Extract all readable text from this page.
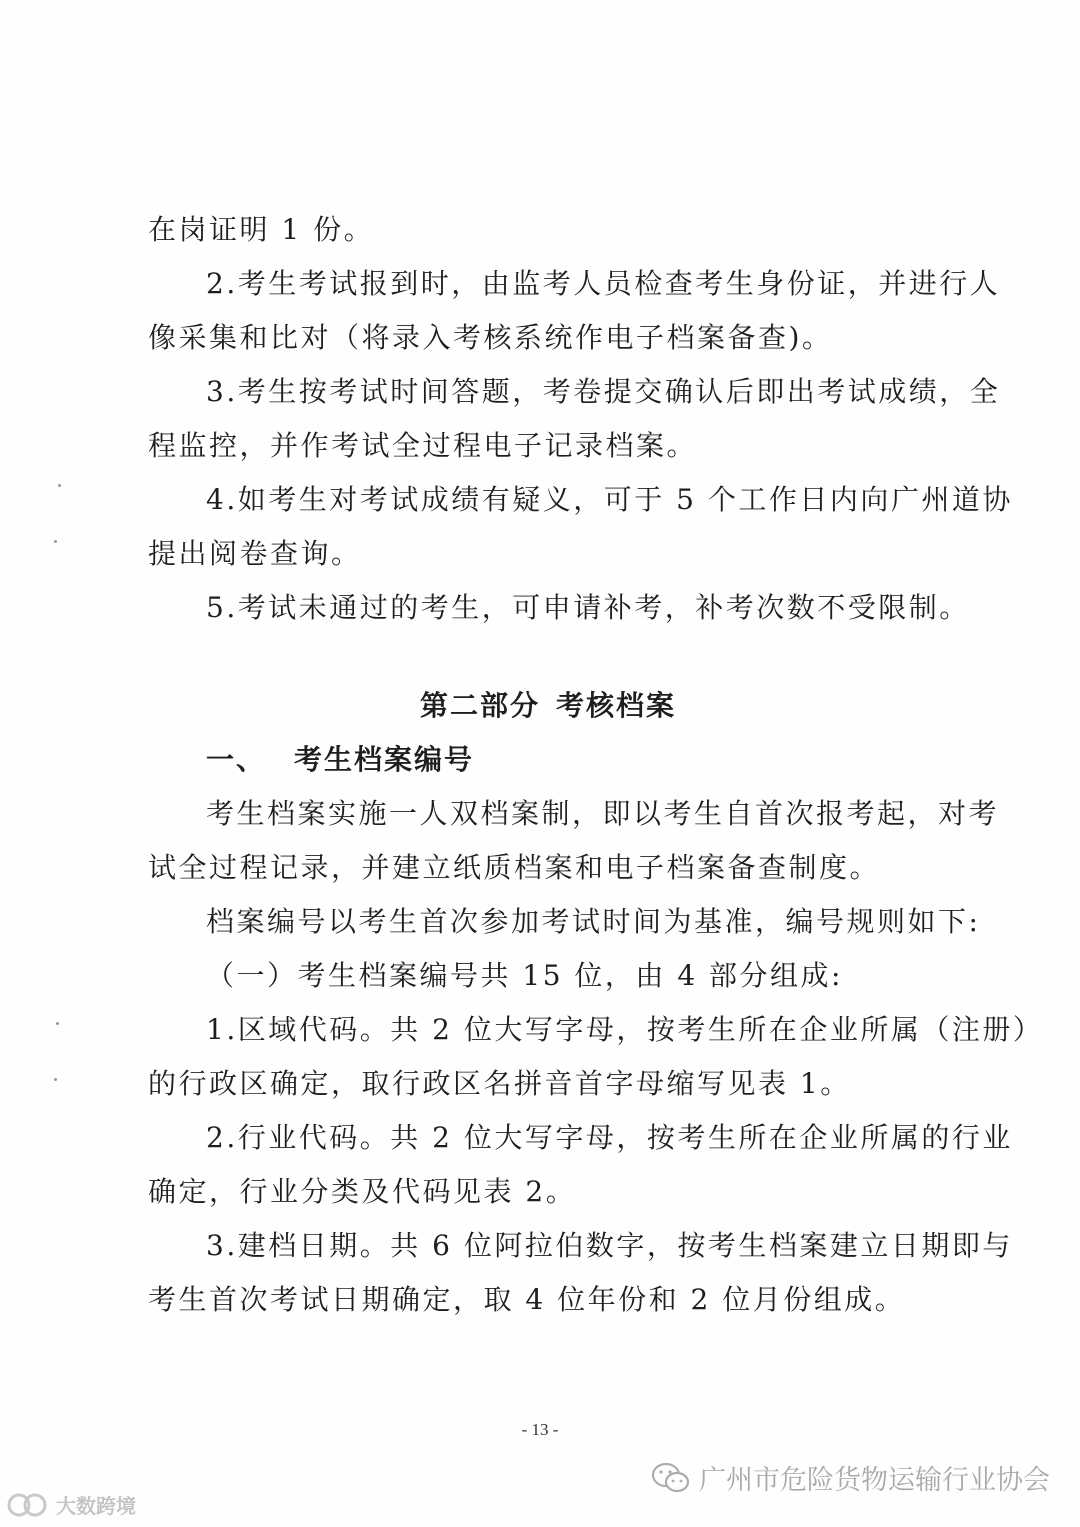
在岗证明 1 份。
2.考生考试报到时，由监考人员检查考生身份证，并进行人
像采集和比对（将录入考核系统作电子档案备查)。
3.考生按考试时间答题，考卷提交确认后即出考试成绩，全
程监控，并作考试全过程电子记录档案。
4.如考生对考试成绩有疑义，可于 5 个工作日内向广州道协
提出阅卷查询。
5.考试未通过的考生，可申请补考，补考次数不受限制。
第二部分 考核档案
一、 考生档案编号
考生档案实施一人双档案制，即以考生自首次报考起，对考
试全过程记录，并建立纸质档案和电子档案备查制度。
档案编号以考生首次参加考试时间为基准，编号规则如下:
（一）考生档案编号共 15 位，由 4 部分组成:
1.区域代码。共 2 位大写字母，按考生所在企业所属（注册）
的行政区确定，取行政区名拼音首字母缩写见表 1。
2.行业代码。共 2 位大写字母，按考生所在企业所属的行业
确定，行业分类及代码见表 2。
3.建档日期。共 6 位阿拉伯数字，按考生档案建立日期即与
考生首次考试日期确定，取 4 位年份和 2 位月份组成。
- 13 -
广州市危险货物运输行业协会
大数跨境
